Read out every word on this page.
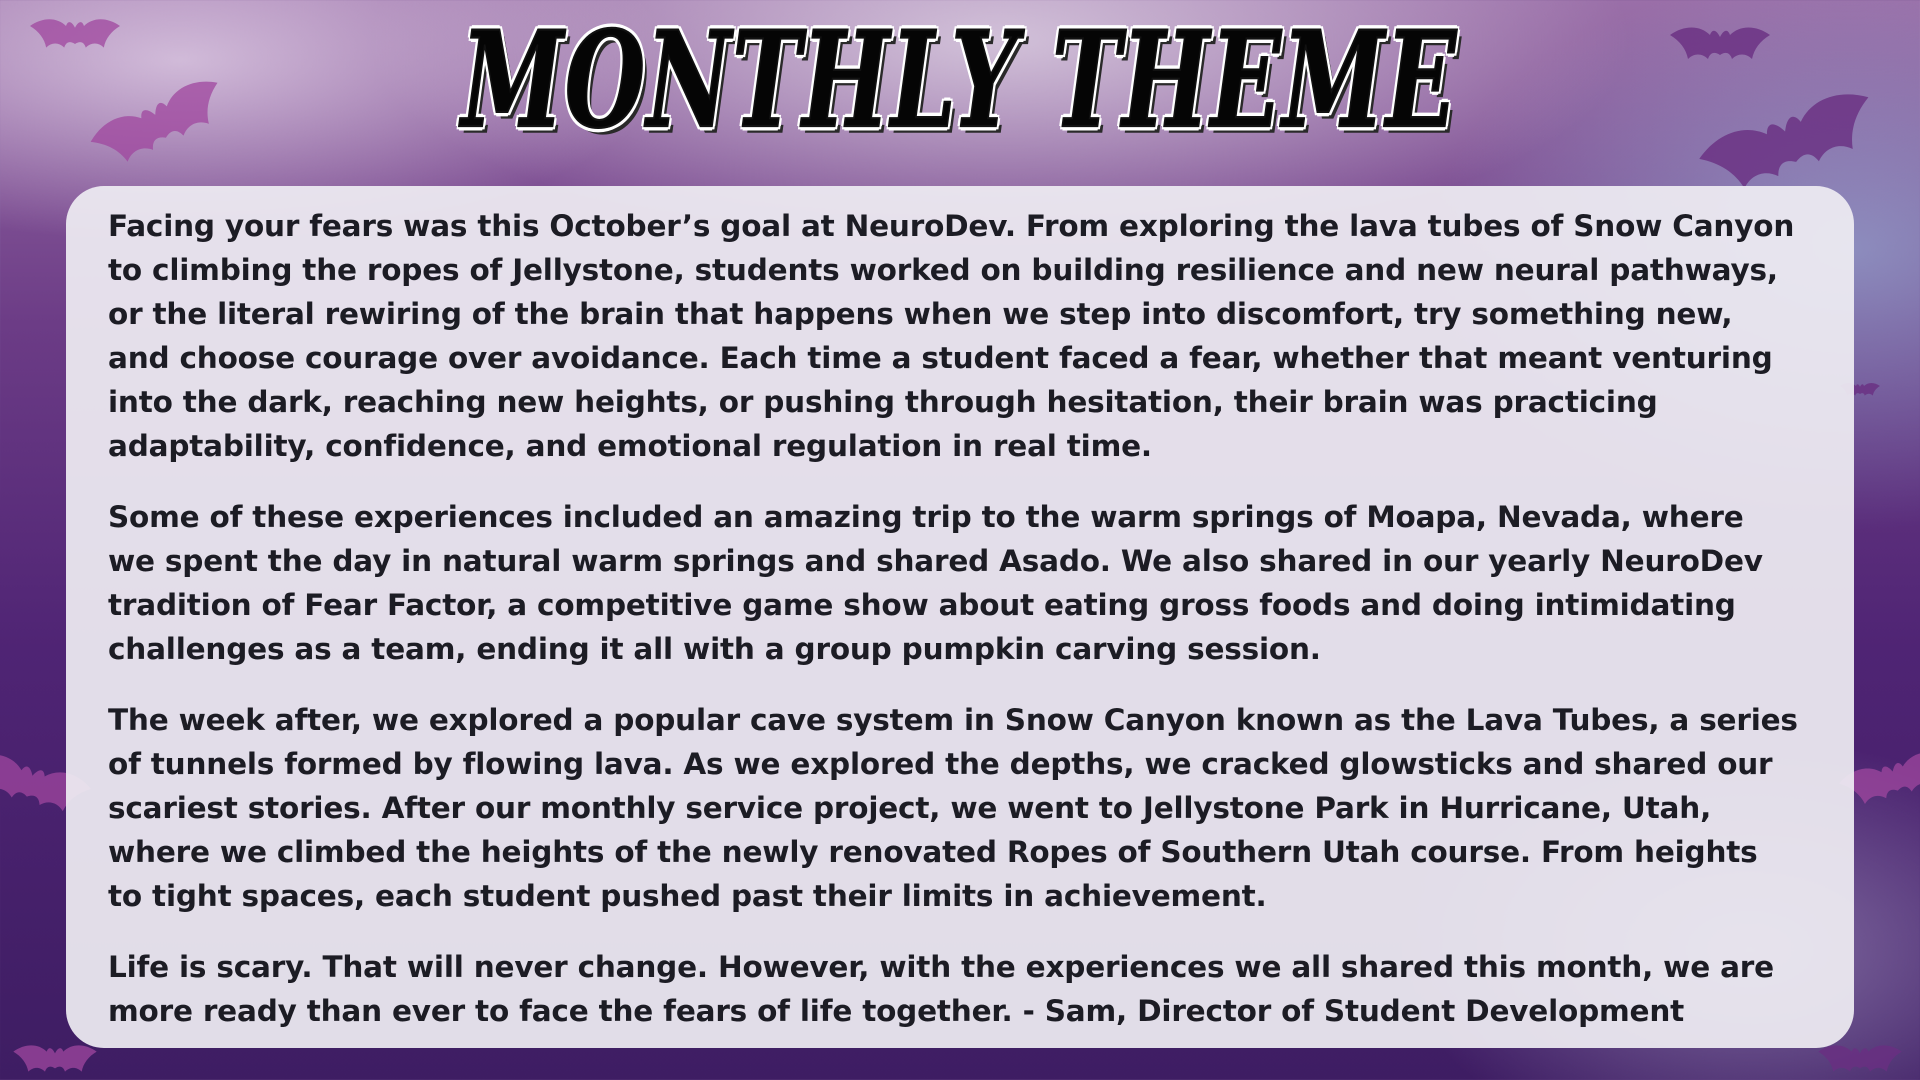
MONTHLY THEME

Facing your fears was this October’s goal at NeuroDev. From exploring the lava tubes of Snow Canyon to climbing the ropes of Jellystone, students worked on building resilience and new neural pathways, or the literal rewiring of the brain that happens when we step into discomfort, try something new, and choose courage over avoidance. Each time a student faced a fear, whether that meant venturing into the dark, reaching new heights, or pushing through hesitation, their brain was practicing adaptability, confidence, and emotional regulation in real time.

Some of these experiences included an amazing trip to the warm springs of Moapa, Nevada, where we spent the day in natural warm springs and shared Asado. We also shared in our yearly NeuroDev tradition of Fear Factor, a competitive game show about eating gross foods and doing intimidating challenges as a team, ending it all with a group pumpkin carving session.

The week after, we explored a popular cave system in Snow Canyon known as the Lava Tubes, a series of tunnels formed by flowing lava. As we explored the depths, we cracked glowsticks and shared our scariest stories. After our monthly service project, we went to Jellystone Park in Hurricane, Utah, where we climbed the heights of the newly renovated Ropes of Southern Utah course. From heights to tight spaces, each student pushed past their limits in achievement.

Life is scary. That will never change. However, with the experiences we all shared this month, we are more ready than ever to face the fears of life together. - Sam, Director of Student Development
